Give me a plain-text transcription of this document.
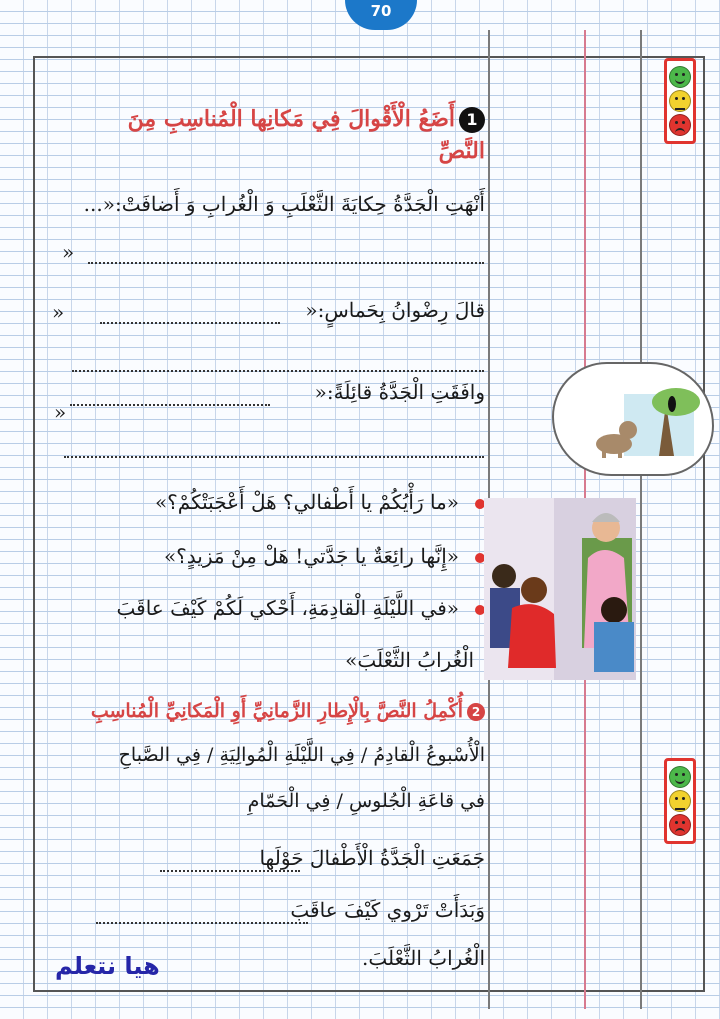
70
1أَضَعُ الْأَقْوالَ فِي مَكانِها الْمُناسِبِ مِنَ
النَّصِّ
أَنْهَتِ الْجَدَّةُ حِكايَةَ الثَّعْلَبِ وَ الْغُرابِ وَ أَضافَتْ:«...
»
قالَ رِضْوانُ بِحَماسٍ:«
»
وافَقَتِ الْجَدَّةُ قائِلَةً:«
»
«ما رَأْيُكُمْ يا أَطْفالي؟ هَلْ أَعْجَبَتْكُمْ؟»
«إِنَّها رائِعَةٌ يا جَدَّتي! هَلْ مِنْ مَزيدٍ؟»
«في اللَّيْلَةِ الْقادِمَةِ، أَحْكي لَكُمْ كَيْفَ عاقَبَ
الْغُرابُ الثَّعْلَبَ»
2أُكْمِلُ النَّصَّ بِالْإِطارِ الزَّمانِيِّ أَوِ الْمَكانِيِّ الْمُناسِبِ
الْأُسْبوعُ الْقادِمُ / فِي اللَّيْلَةِ الْمُوالِيَةِ / فِي الصَّباحِ
في قاعَةِ الْجُلوسِ / فِي الْحَمّامِ
جَمَعَتِ الْجَدَّةُ الْأَطْفالَ حَوْلَها
وَبَدَأَتْ تَرْوي كَيْفَ عاقَبَ
الْغُرابُ الثَّعْلَبَ.
هيا نتعلم
